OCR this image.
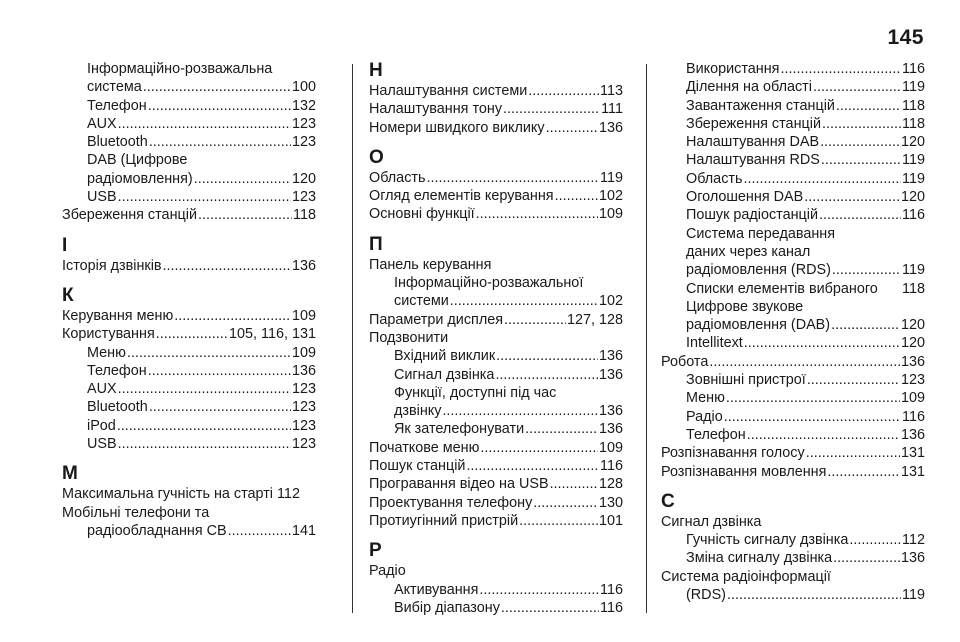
145
Інформаційно-розважальна
система .....	100
Телефон .....	132
AUX .....	123
Bluetooth .....	123
DAB (Цифрове
радіомовлення) .....	120
USB .....	123
Збереження станцій .....	118
І
Історія дзвінків .....	136
К
Керування меню .....	109
Користування .....	105, 116, 131
Меню .....	109
Телефон .....	136
AUX .....	123
Bluetooth .....	123
iPod .....	123
USB .....	123
М
Максимальна гучність на старті 112
Мобільні телефони та
радіообладнання CB .....	141
Н
Налаштування системи .....	113
Налаштування тону .....	111
Номери швидкого виклику .....	136
О
Область .....	119
Огляд елементів керування .....	102
Основні функції .....	109
П
Панель керування
Інформаційно-розважальної
системи .....	102
Параметри дисплея .....	127, 128
Подзвонити
Вхідний виклик .....	136
Сигнал дзвінка .....	136
Функції, доступні під час
дзвінку .....	136
Як зателефонувати .....	136
Початкове меню .....	109
Пошук станцій .....	116
Програвання відео на USB .....	128
Проектування телефону .....	130
Протиугінний пристрій .....	101
Р
Радіо
Активування .....	116
Вибір діапазону .....	116
Використання .....	116
Ділення на області .....	119
Завантаження станцій .....	118
Збереження станцій .....	118
Налаштування DAB .....	120
Налаштування RDS .....	119
Область .....	119
Оголошення DAB .....	120
Пошук радіостанцій .....	116
Система передавання
даних через канал
радіомовлення (RDS) .....	119
Списки елементів вибраного 118
Цифрове звукове
радіомовлення (DAB) .....	120
Intellitext .....	120
Робота .....	136
Зовнішні пристрої .....	123
Меню .....	109
Радіо .....	116
Телефон .....	136
Розпізнавання голосу .....	131
Розпізнавання мовлення .....	131
С
Сигнал дзвінка
Гучність сигналу дзвінка .....	112
Зміна сигналу дзвінка .....	136
Система радіоінформації
(RDS) .....	119
